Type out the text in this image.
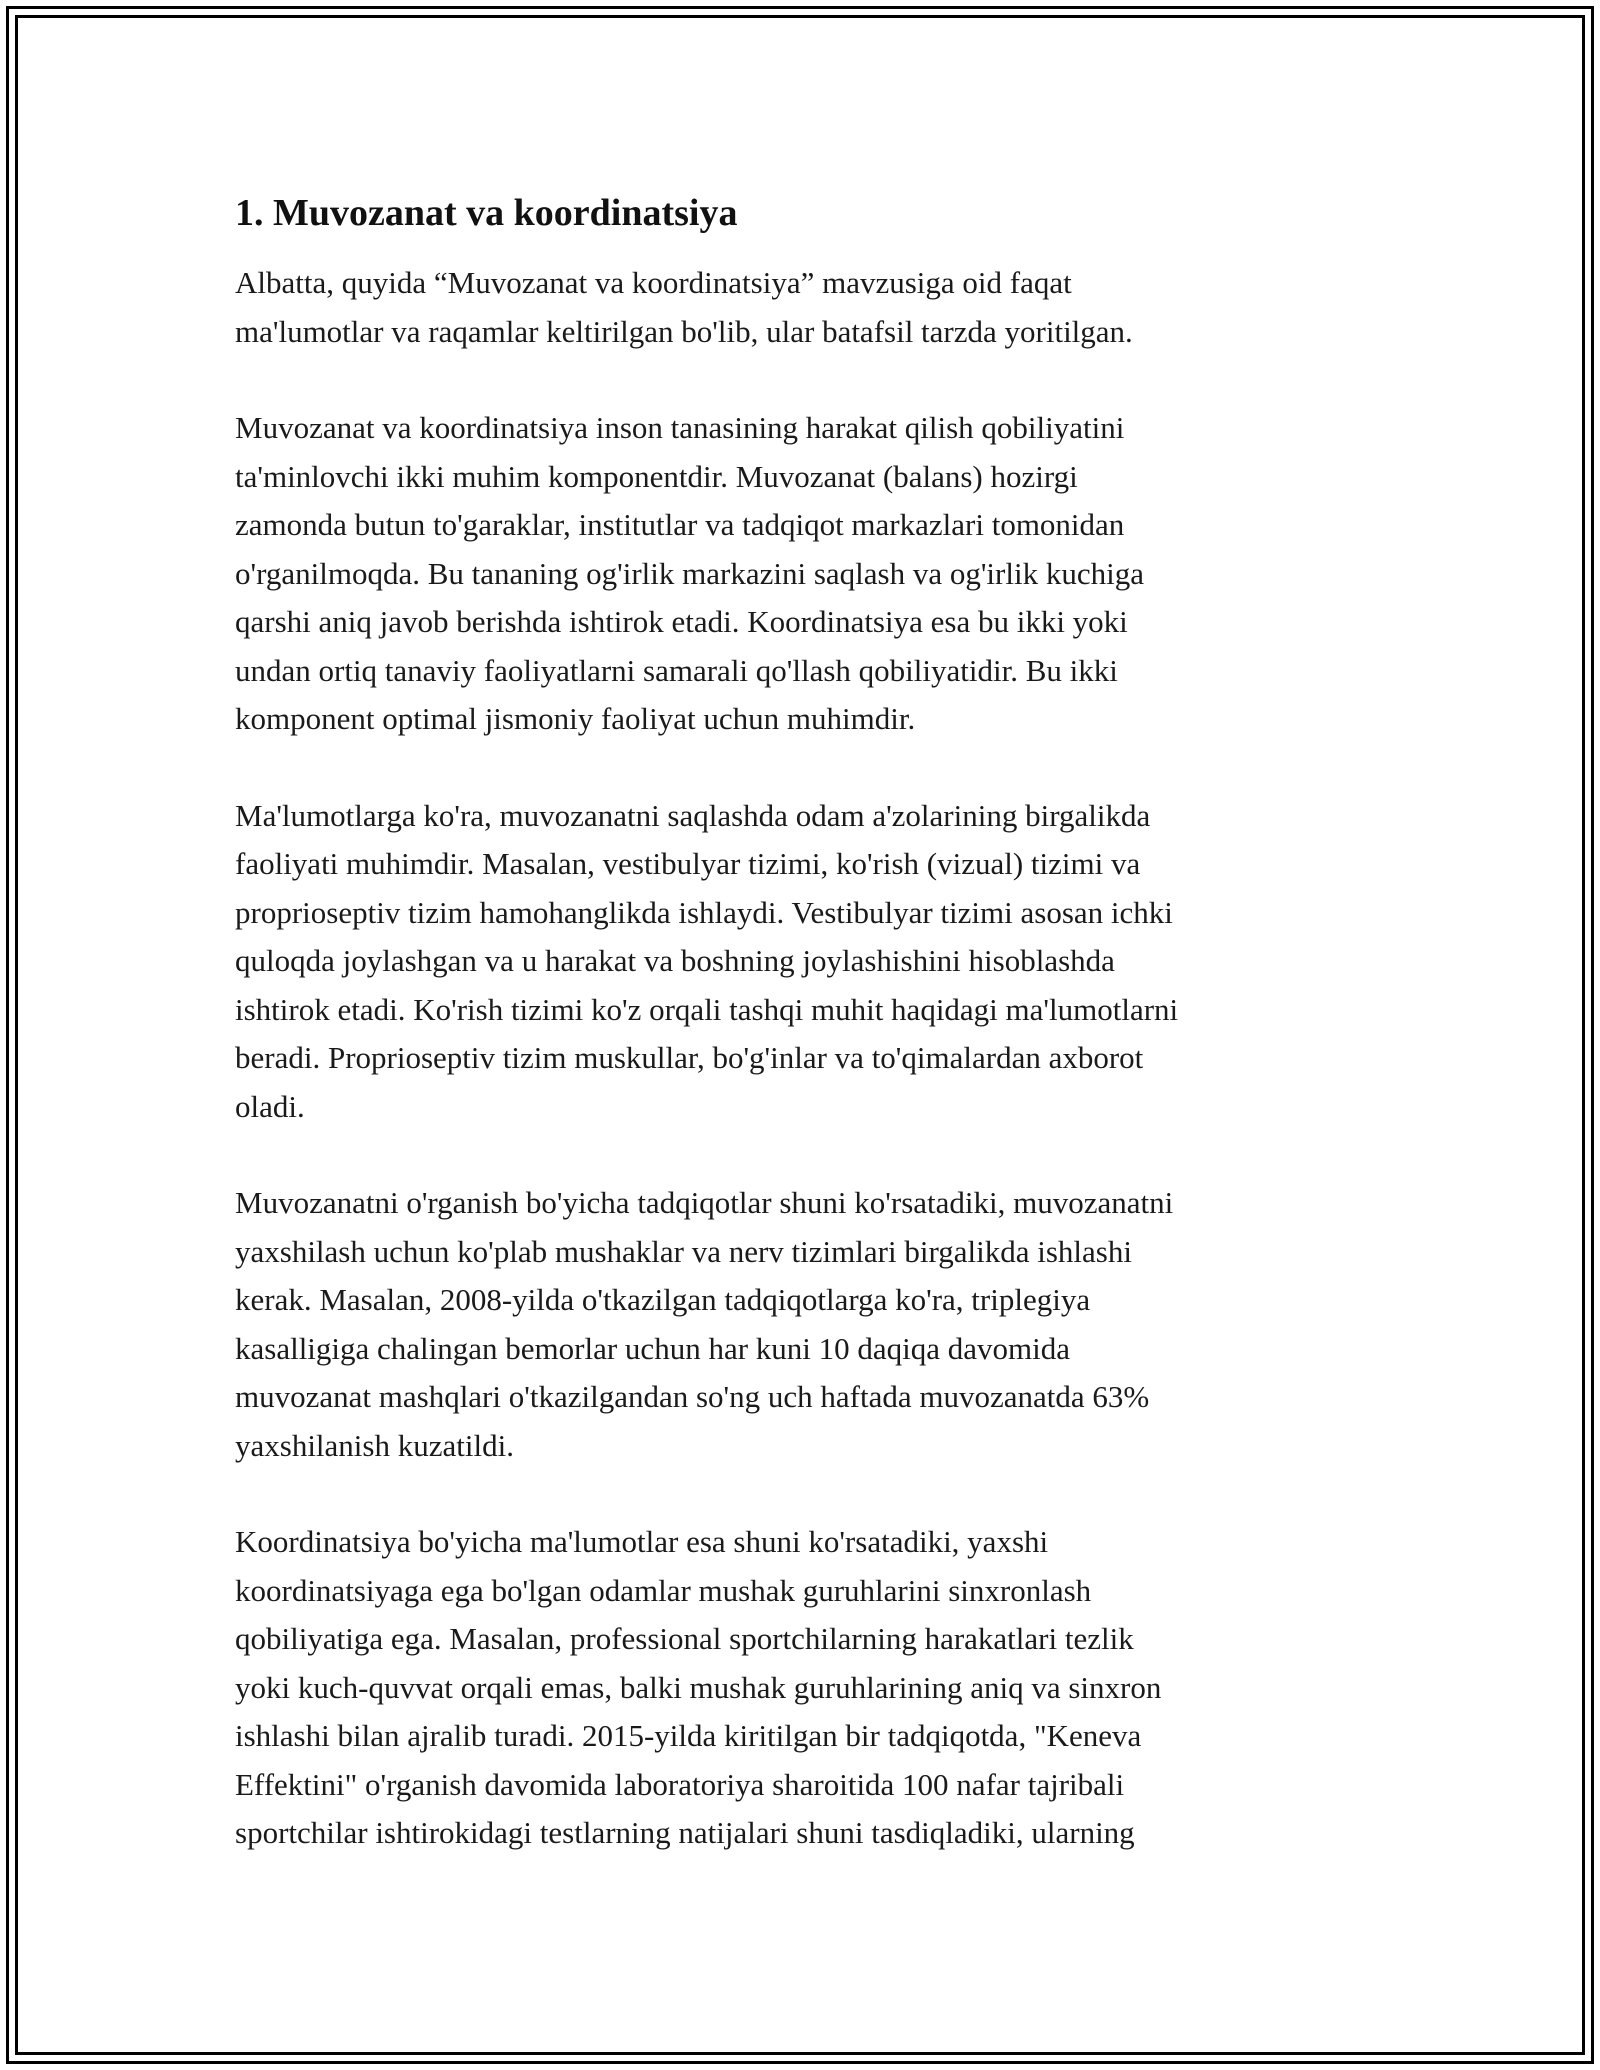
1. Muvozanat va koordinatsiya

Albatta, quyida “Muvozanat va koordinatsiya” mavzusiga oid faqat
ma'lumotlar va raqamlar keltirilgan bo'lib, ular batafsil tarzda yoritilgan.

Muvozanat va koordinatsiya inson tanasining harakat qilish qobiliyatini
ta'minlovchi ikki muhim komponentdir. Muvozanat (balans) hozirgi
zamonda butun to'garaklar, institutlar va tadqiqot markazlari tomonidan
o'rganilmoqda. Bu tananing og'irlik markazini saqlash va og'irlik kuchiga
qarshi aniq javob berishda ishtirok etadi. Koordinatsiya esa bu ikki yoki
undan ortiq tanaviy faoliyatlarni samarali qo'llash qobiliyatidir. Bu ikki
komponent optimal jismoniy faoliyat uchun muhimdir.

Ma'lumotlarga ko'ra, muvozanatni saqlashda odam a'zolarining birgalikda
faoliyati muhimdir. Masalan, vestibulyar tizimi, ko'rish (vizual) tizimi va
proprioseptiv tizim hamohanglikda ishlaydi. Vestibulyar tizimi asosan ichki
quloqda joylashgan va u harakat va boshning joylashishini hisoblashda
ishtirok etadi. Ko'rish tizimi ko'z orqali tashqi muhit haqidagi ma'lumotlarni
beradi. Proprioseptiv tizim muskullar, bo'g'inlar va to'qimalardan axborot
oladi.

Muvozanatni o'rganish bo'yicha tadqiqotlar shuni ko'rsatadiki, muvozanatni
yaxshilash uchun ko'plab mushaklar va nerv tizimlari birgalikda ishlashi
kerak. Masalan, 2008-yilda o'tkazilgan tadqiqotlarga ko'ra, triplegiya
kasalligiga chalingan bemorlar uchun har kuni 10 daqiqa davomida
muvozanat mashqlari o'tkazilgandan so'ng uch haftada muvozanatda 63%
yaxshilanish kuzatildi.

Koordinatsiya bo'yicha ma'lumotlar esa shuni ko'rsatadiki, yaxshi
koordinatsiyaga ega bo'lgan odamlar mushak guruhlarini sinxronlash
qobiliyatiga ega. Masalan, professional sportchilarning harakatlari tezlik
yoki kuch-quvvat orqali emas, balki mushak guruhlarining aniq va sinxron
ishlashi bilan ajralib turadi. 2015-yilda kiritilgan bir tadqiqotda, "Keneva
Effektini" o'rganish davomida laboratoriya sharoitida 100 nafar tajribali
sportchilar ishtirokidagi testlarning natijalari shuni tasdiqladiki, ularning
